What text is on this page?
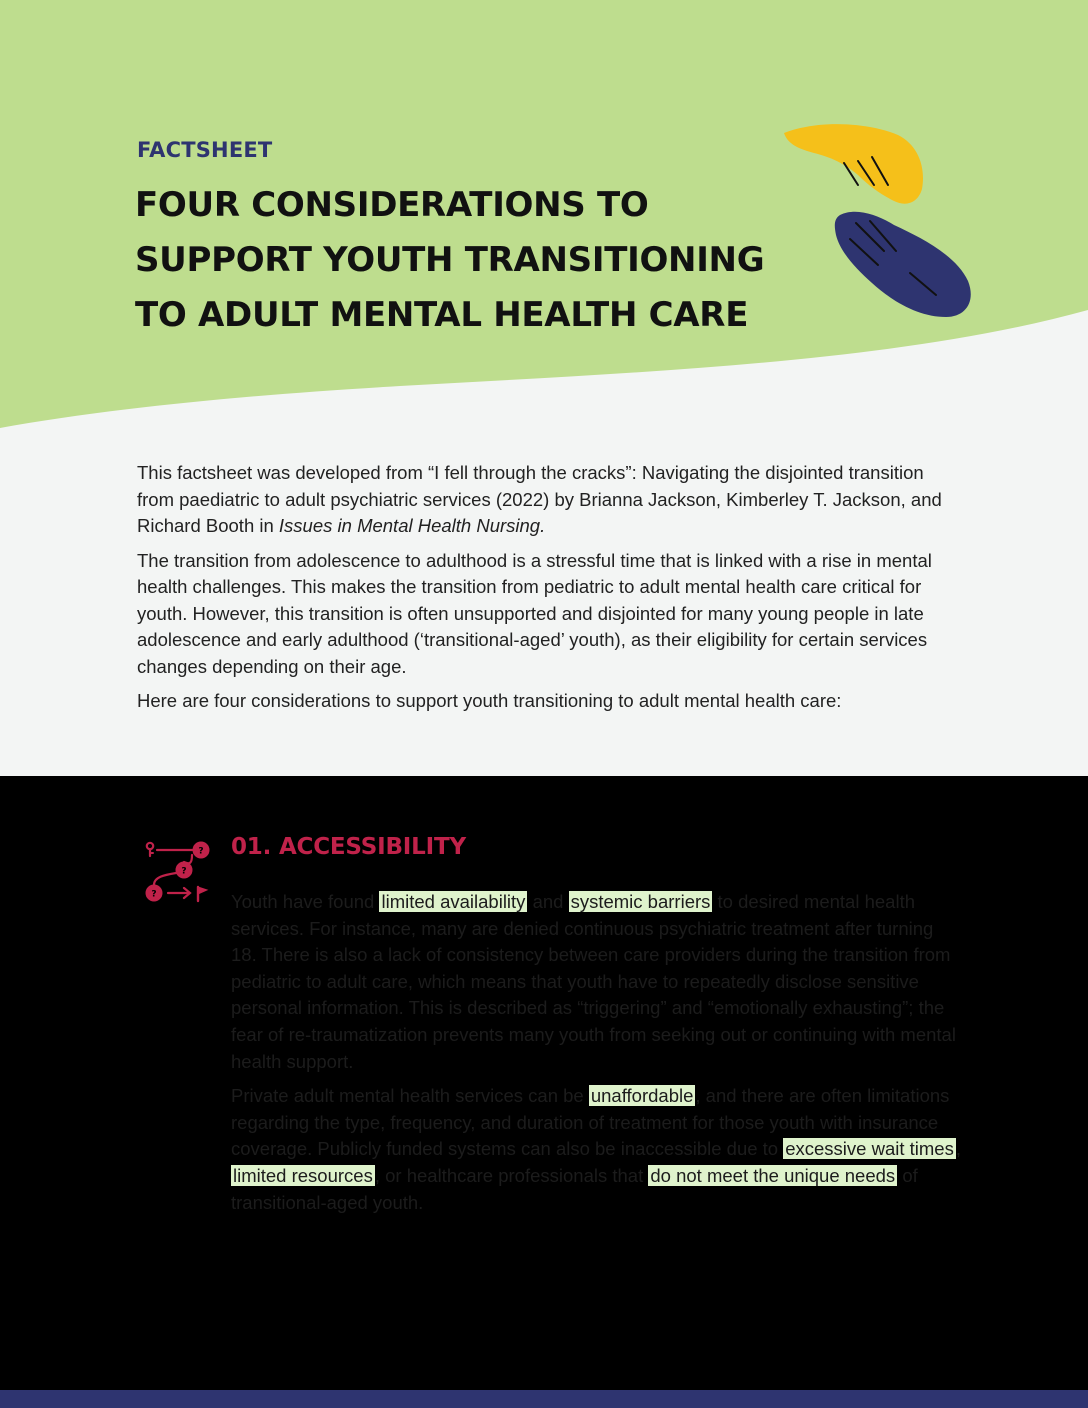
FACTSHEET
FOUR CONSIDERATIONS TO
SUPPORT YOUTH TRANSITIONING
TO ADULT MENTAL HEALTH CARE

This factsheet was developed from “I fell through the cracks”: Navigating the disjointed transition from paediatric to adult psychiatric services (2022) by Brianna Jackson, Kimberley T. Jackson, and Richard Booth in Issues in Mental Health Nursing.

The transition from adolescence to adulthood is a stressful time that is linked with a rise in mental health challenges. This makes the transition from pediatric to adult mental health care critical for youth. However, this transition is often unsupported and disjointed for many young people in late adolescence and early adulthood (‘transitional-aged’ youth), as their eligibility for certain services changes depending on their age.

Here are four considerations to support youth transitioning to adult mental health care:

?
?
?
01. ACCESSIBILITY

Youth have found limited availability and systemic barriers to desired mental health services. For instance, many are denied continuous psychiatric treatment after turning 18. There is also a lack of consistency between care providers during the transition from pediatric to adult care, which means that youth have to repeatedly disclose sensitive personal information. This is described as “triggering” and “emotionally exhausting”; the fear of re-traumatization prevents many youth from seeking out or continuing with mental health support.

Private adult mental health services can be unaffordable , and there are often limitations regarding the type, frequency, and duration of treatment for those youth with insurance coverage. Publicly funded systems can also be inaccessible due to excessive wait times , limited resources , or healthcare professionals that do not meet the unique needs of transitional-aged youth.
